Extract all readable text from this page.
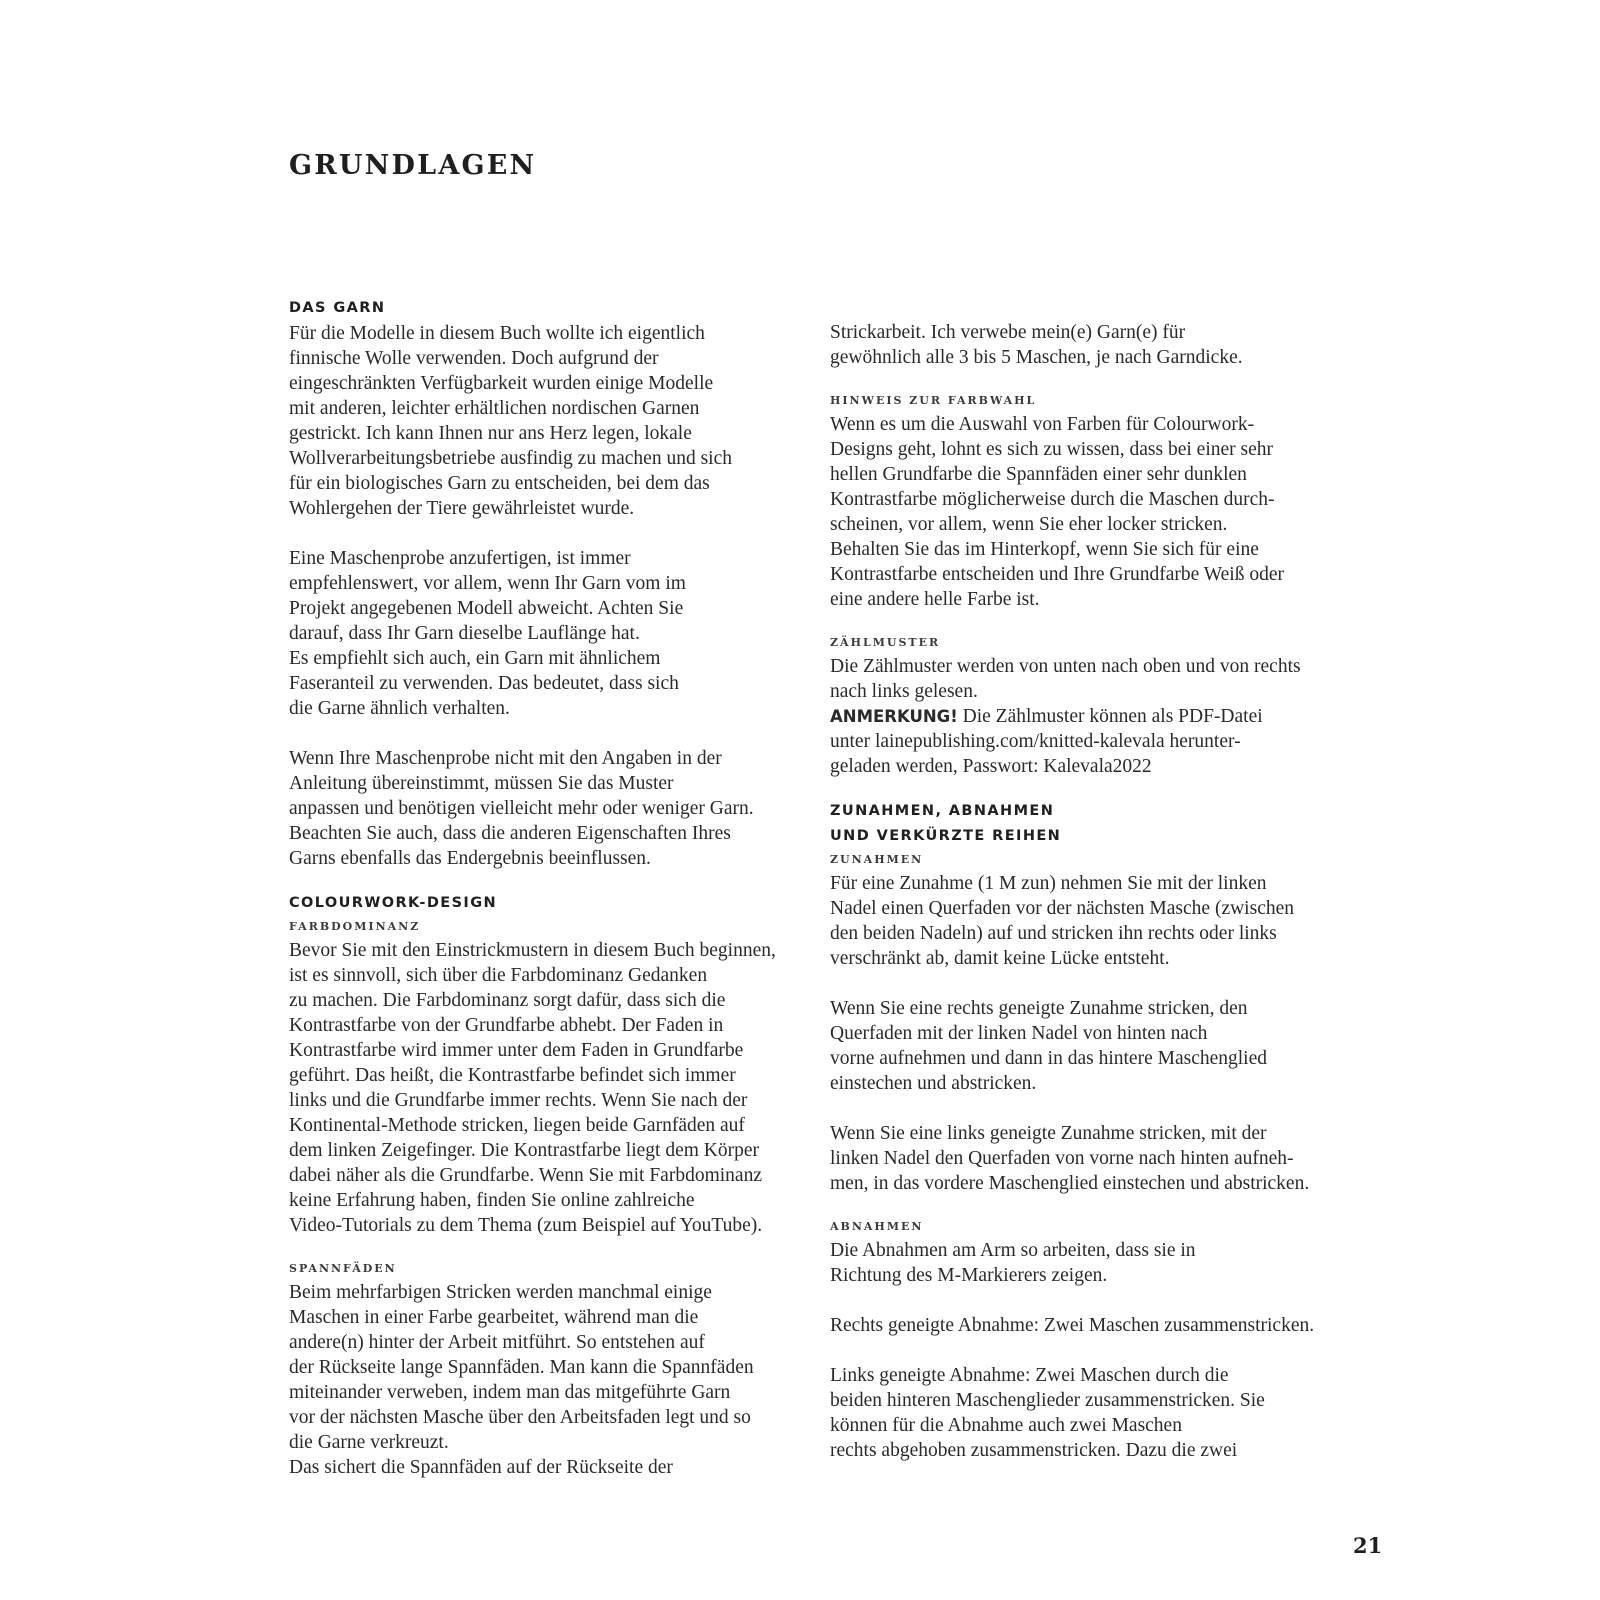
GRUNDLAGEN
DAS GARN
Für die Modelle in diesem Buch wollte ich eigentlich
finnische Wolle verwenden. Doch aufgrund der
eingeschränkten Verfügbarkeit wurden einige Modelle
mit anderen, leichter erhältlichen nordischen Garnen
gestrickt. Ich kann Ihnen nur ans Herz legen, lokale
Wollverarbeitungsbetriebe ausfindig zu machen und sich
für ein biologisches Garn zu entscheiden, bei dem das
Wohlergehen der Tiere gewährleistet wurde.
Eine Maschenprobe anzufertigen, ist immer
empfehlenswert, vor allem, wenn Ihr Garn vom im
Projekt angegebenen Modell abweicht. Achten Sie
darauf, dass Ihr Garn dieselbe Lauflänge hat.
Es empfiehlt sich auch, ein Garn mit ähnlichem
Faseranteil zu verwenden. Das bedeutet, dass sich
die Garne ähnlich verhalten.
Wenn Ihre Maschenprobe nicht mit den Angaben in der
Anleitung übereinstimmt, müssen Sie das Muster
anpassen und benötigen vielleicht mehr oder weniger Garn.
Beachten Sie auch, dass die anderen Eigenschaften Ihres
Garns ebenfalls das Endergebnis beeinflussen.
COLOURWORK-DESIGN
FARBDOMINANZ
Bevor Sie mit den Einstrickmustern in diesem Buch beginnen,
ist es sinnvoll, sich über die Farbdominanz Gedanken
zu machen. Die Farbdominanz sorgt dafür, dass sich die
Kontrastfarbe von der Grundfarbe abhebt. Der Faden in
Kontrastfarbe wird immer unter dem Faden in Grundfarbe
geführt. Das heißt, die Kontrastfarbe befindet sich immer
links und die Grundfarbe immer rechts. Wenn Sie nach der
Kontinental-Methode stricken, liegen beide Garnfäden auf
dem linken Zeigefinger. Die Kontrastfarbe liegt dem Körper
dabei näher als die Grundfarbe. Wenn Sie mit Farbdominanz
keine Erfahrung haben, finden Sie online zahlreiche
Video-Tutorials zu dem Thema (zum Beispiel auf YouTube).
SPANNFÄDEN
Beim mehrfarbigen Stricken werden manchmal einige
Maschen in einer Farbe gearbeitet, während man die
andere(n) hinter der Arbeit mitführt. So entstehen auf
der Rückseite lange Spannfäden. Man kann die Spannfäden
miteinander verweben, indem man das mitgeführte Garn
vor der nächsten Masche über den Arbeitsfaden legt und so
die Garne verkreuzt.
Das sichert die Spannfäden auf der Rückseite der
Strickarbeit. Ich verwebe mein(e) Garn(e) für
gewöhnlich alle 3 bis 5 Maschen, je nach Garndicke.
HINWEIS ZUR FARBWAHL
Wenn es um die Auswahl von Farben für Colourwork-
Designs geht, lohnt es sich zu wissen, dass bei einer sehr
hellen Grundfarbe die Spannfäden einer sehr dunklen
Kontrastfarbe möglicherweise durch die Maschen durch-
scheinen, vor allem, wenn Sie eher locker stricken.
Behalten Sie das im Hinterkopf, wenn Sie sich für eine
Kontrastfarbe entscheiden und Ihre Grundfarbe Weiß oder
eine andere helle Farbe ist.
ZÄHLMUSTER
Die Zählmuster werden von unten nach oben und von rechts
nach links gelesen.
ANMERKUNG! Die Zählmuster können als PDF-Datei
unter lainepublishing.com/knitted-kalevala herunter-
geladen werden, Passwort: Kalevala2022
ZUNAHMEN, ABNAHMEN
UND VERKÜRZTE REIHEN
ZUNAHMEN
Für eine Zunahme (1 M zun) nehmen Sie mit der linken
Nadel einen Querfaden vor der nächsten Masche (zwischen
den beiden Nadeln) auf und stricken ihn rechts oder links
verschränkt ab, damit keine Lücke entsteht.
Wenn Sie eine rechts geneigte Zunahme stricken, den
Querfaden mit der linken Nadel von hinten nach
vorne aufnehmen und dann in das hintere Maschenglied
einstechen und abstricken.
Wenn Sie eine links geneigte Zunahme stricken, mit der
linken Nadel den Querfaden von vorne nach hinten aufneh-
men, in das vordere Maschenglied einstechen und abstricken.
ABNAHMEN
Die Abnahmen am Arm so arbeiten, dass sie in
Richtung des M-Markierers zeigen.
Rechts geneigte Abnahme: Zwei Maschen zusammenstricken.
Links geneigte Abnahme: Zwei Maschen durch die
beiden hinteren Maschenglieder zusammenstricken. Sie
können für die Abnahme auch zwei Maschen
rechts abgehoben zusammenstricken. Dazu die zwei
21
